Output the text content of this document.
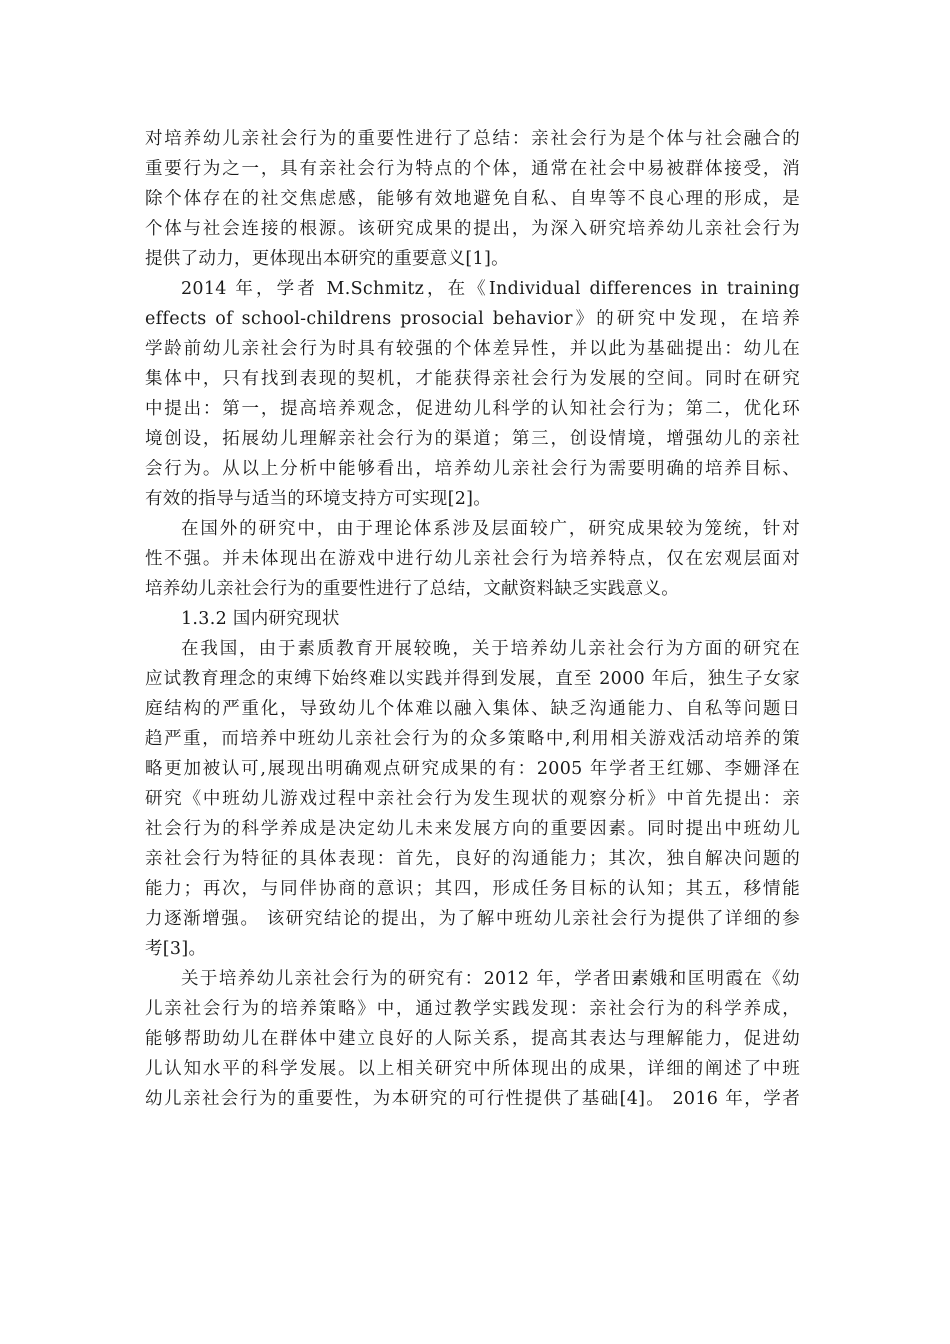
对培养幼儿亲社会行为的重要性进行了总结：亲社会行为是个体与社会融合的
重要行为之一，具有亲社会行为特点的个体，通常在社会中易被群体接受，消
除个体存在的社交焦虑感，能够有效地避免自私、自卑等不良心理的形成，是
个体与社会连接的根源。该研究成果的提出，为深入研究培养幼儿亲社会行为
提供了动力，更体现出本研究的重要意义[1]。
2014 年，学者 M.Schmitz，在《Individual differences in training
effects of school-childrens prosocial behavior》的研究中发现，在培养
学龄前幼儿亲社会行为时具有较强的个体差异性，并以此为基础提出：幼儿在
集体中，只有找到表现的契机，才能获得亲社会行为发展的空间。同时在研究
中提出：第一，提高培养观念，促进幼儿科学的认知社会行为；第二，优化环
境创设，拓展幼儿理解亲社会行为的渠道；第三，创设情境，增强幼儿的亲社
会行为。从以上分析中能够看出，培养幼儿亲社会行为需要明确的培养目标、
有效的指导与适当的环境支持方可实现[2]。
在国外的研究中，由于理论体系涉及层面较广，研究成果较为笼统，针对
性不强。并未体现出在游戏中进行幼儿亲社会行为培养特点，仅在宏观层面对
培养幼儿亲社会行为的重要性进行了总结，文献资料缺乏实践意义。
1.3.2 国内研究现状
在我国，由于素质教育开展较晚，关于培养幼儿亲社会行为方面的研究在
应试教育理念的束缚下始终难以实践并得到发展，直至 2000 年后，独生子女家
庭结构的严重化，导致幼儿个体难以融入集体、缺乏沟通能力、自私等问题日
趋严重，而培养中班幼儿亲社会行为的众多策略中,利用相关游戏活动培养的策
略更加被认可,展现出明确观点研究成果的有：2005 年学者王红娜、李姗泽在
研究《中班幼儿游戏过程中亲社会行为发生现状的观察分析》中首先提出：亲
社会行为的科学养成是决定幼儿未来发展方向的重要因素。同时提出中班幼儿
亲社会行为特征的具体表现：首先，良好的沟通能力；其次，独自解决问题的
能力；再次，与同伴协商的意识；其四，形成任务目标的认知；其五，移情能
力逐渐增强。 该研究结论的提出，为了解中班幼儿亲社会行为提供了详细的参
考[3]。
关于培养幼儿亲社会行为的研究有：2012 年，学者田素娥和匡明霞在《幼
儿亲社会行为的培养策略》中，通过教学实践发现：亲社会行为的科学养成，
能够帮助幼儿在群体中建立良好的人际关系，提高其表达与理解能力，促进幼
儿认知水平的科学发展。以上相关研究中所体现出的成果，详细的阐述了中班
幼儿亲社会行为的重要性，为本研究的可行性提供了基础[4]。 2016 年，学者
